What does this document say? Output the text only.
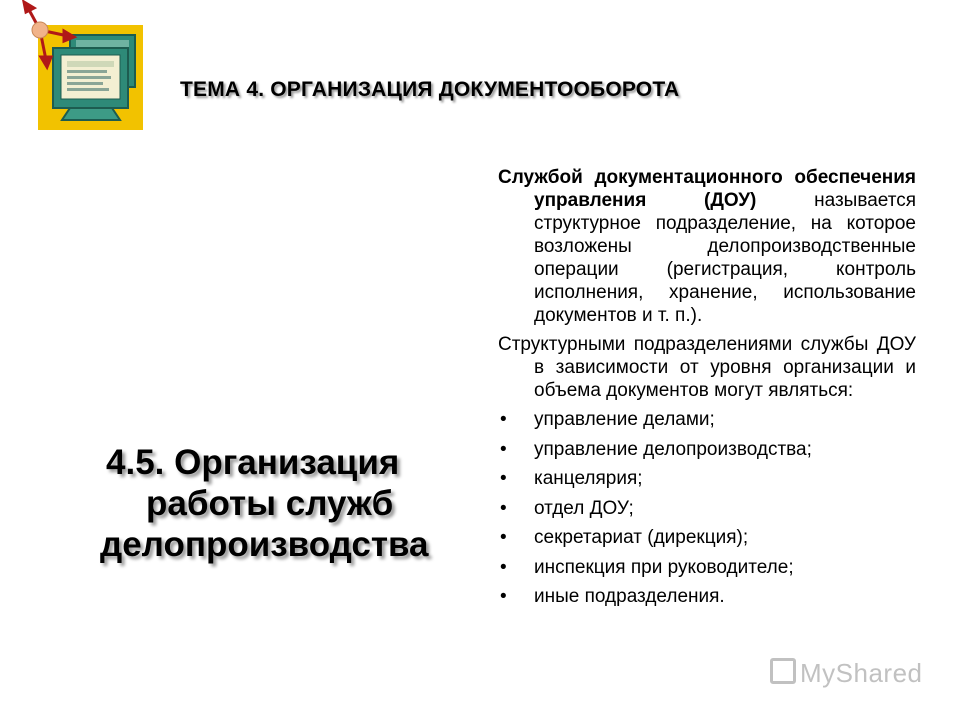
ТЕМА 4. ОРГАНИЗАЦИЯ ДОКУМЕНТООБОРОТА
4.5. Организация
работы служб
делопроизводства

Службой документационного обеспечения управления (ДОУ) называется структурное подразделение, на которое возложены делопроизводственные операции (регистрация, контроль исполнения, хранение, использование документов и т. п.).

Структурными подразделениями службы ДОУ в зависимости от уровня организации и объема документов могут являться:

• управление делами;
• управление делопроизводства;
• канцелярия;
• отдел ДОУ;
• секретариат (дирекция);
• инспекция при руководителе;
• иные подразделения.
MyShared
